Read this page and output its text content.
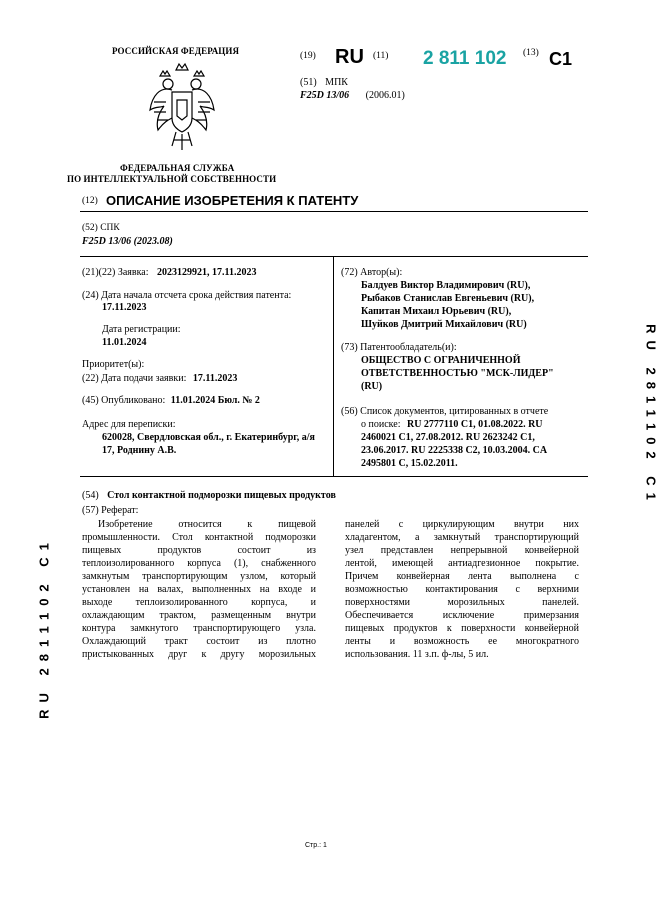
РОССИЙСКАЯ ФЕДЕРАЦИЯ
ФЕДЕРАЛЬНАЯ СЛУЖБА
ПО ИНТЕЛЛЕКТУАЛЬНОЙ СОБСТВЕННОСТИ
(19) RU (11) 2 811 102 (13) C1
(51) МПК
F25D 13/06 (2006.01)
(12) ОПИСАНИЕ ИЗОБРЕТЕНИЯ К ПАТЕНТУ
(52) СПК
F25D 13/06 (2023.08)
(21)(22) Заявка: 2023129921, 17.11.2023
(24) Дата начала отсчета срока действия патента:
17.11.2023
Дата регистрации:
11.01.2024
Приоритет(ы):
(22) Дата подачи заявки: 17.11.2023
(45) Опубликовано: 11.01.2024 Бюл. № 2
Адрес для переписки:
620028, Свердловская обл., г. Екатеринбург, а/я
17, Роднину А.В.
(72) Автор(ы):
Балдуев Виктор Владимирович (RU),
Рыбаков Станислав Евгеньевич (RU),
Капитан Михаил Юрьевич (RU),
Шуйков Дмитрий Михайлович (RU)
(73) Патентообладатель(и):
ОБЩЕСТВО С ОГРАНИЧЕННОЙ
ОТВЕТСТВЕННОСТЬЮ "МСК-ЛИДЕР"
(RU)
(56) Список документов, цитированных в отчете
о поиске: RU 2777110 C1, 01.08.2022. RU
2460021 C1, 27.08.2012. RU 2623242 C1,
23.06.2017. RU 2225338 C2, 10.03.2004. CA
2495801 C, 15.02.2011.
(54) Стол контактной подморозки пищевых продуктов
(57) Реферат:
Изобретение относится к пищевой
промышленности. Стол контактной подморозки
пищевых продуктов состоит из
теплоизолированного корпуса (1), снабженного
замкнутым транспортирующим узлом, который
установлен на валах, выполненных на входе и
выходе теплоизолированного корпуса, и
охлаждающим трактом, размещенным внутри
контура замкнутого транспортирующего узла.
Охлаждающий тракт состоит из плотно
пристыкованных друг к другу морозильных
панелей с циркулирующим внутри них
хладагентом, а замкнутый транспортирующий
узел представлен непрерывной конвейерной
лентой, имеющей антиадгезионное покрытие.
Причем конвейерная лента выполнена с
возможностью контактирования с верхними
поверхностями морозильных панелей.
Обеспечивается исключение примерзания
пищевых продуктов к поверхности конвейерной
ленты и возможность ее многократного
использования. 11 з.п. ф-лы, 5 ил.
RU 2811102 C1
RU 2811102 C1
Стр.: 1
